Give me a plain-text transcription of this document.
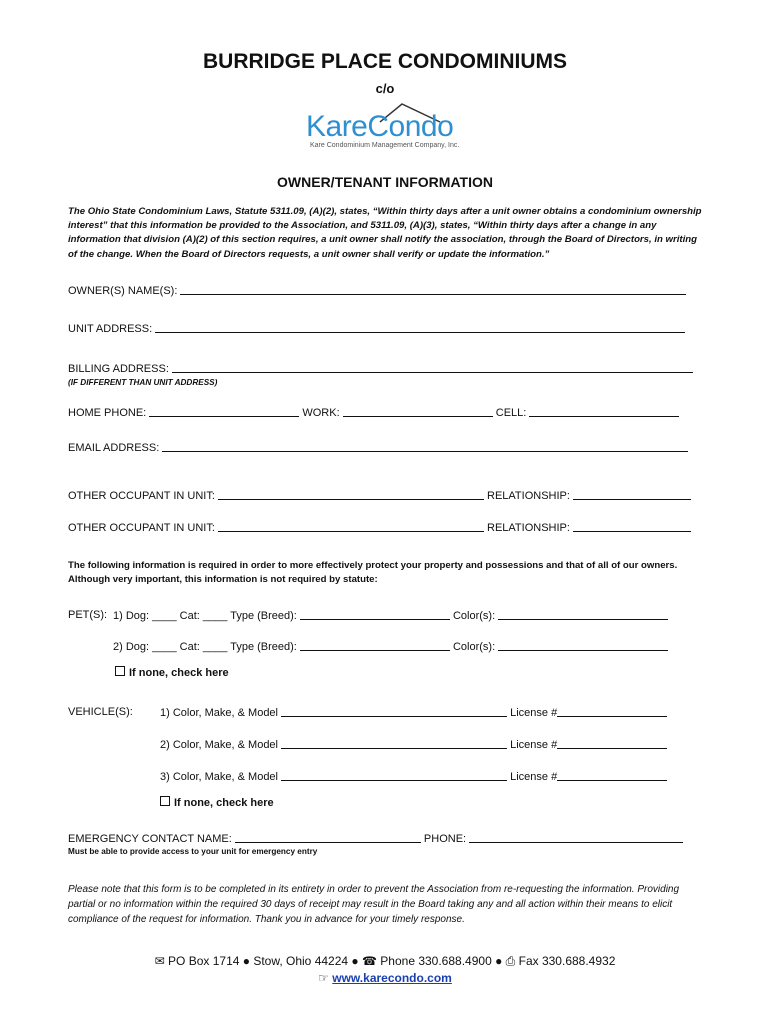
BURRIDGE PLACE CONDOMINIUMS
c/o
KareCondo
Kare Condominium Management Company, Inc.
OWNER/TENANT INFORMATION
The Ohio State Condominium Laws, Statute 5311.09, (A)(2), states, “Within thirty days after a unit owner obtains a condominium ownership interest” that this information be provided to the Association, and 5311.09, (A)(3), states, “Within thirty days after a change in any information that division (A)(2) of this section requires, a unit owner shall notify the association, through the Board of Directors, in writing of the change. When the Board of Directors requests, a unit owner shall verify or update the information.”
OWNER(S) NAME(S):
UNIT ADDRESS:
BILLING ADDRESS:
(IF DIFFERENT THAN UNIT ADDRESS)
HOME PHONE:	WORK:	CELL:
EMAIL ADDRESS:
OTHER OCCUPANT IN UNIT:	RELATIONSHIP:
OTHER OCCUPANT IN UNIT:	RELATIONSHIP:
The following information is required in order to more effectively protect your property and possessions and that of all of our owners. Although very important, this information is not required by statute:
PET(S): 1) Dog: ____ Cat: ____ Type (Breed):	Color(s):
2) Dog: ____ Cat: ____ Type (Breed):	Color(s):
If none, check here
VEHICLE(S): 1) Color, Make, & Model	License #
2) Color, Make, & Model	License #
3) Color, Make, & Model	License #
If none, check here
EMERGENCY CONTACT NAME:	PHONE:
Must be able to provide access to your unit for emergency entry
Please note that this form is to be completed in its entirety in order to prevent the Association from re-requesting the information. Providing partial or no information within the required 30 days of receipt may result in the Board taking any and all action within their means to elicit compliance of the request for information. Thank you in advance for your timely response.
✉ PO Box 1714 ● Stow, Ohio 44224 ● ☎ Phone 330.688.4900 ● ⎙ Fax 330.688.4932
☞ www.karecondo.com
